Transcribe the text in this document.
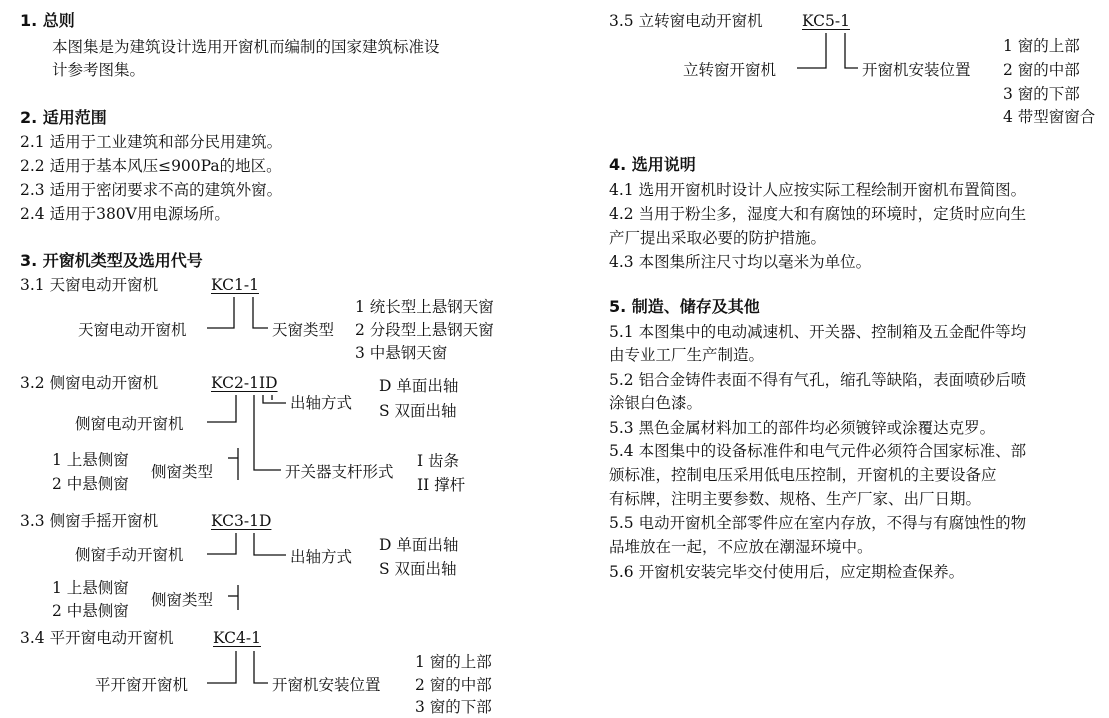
1. 总则
本图集是为建筑设计选用开窗机而编制的国家建筑标准设
计参考图集。
2. 适用范围
2.1 适用于工业建筑和部分民用建筑。
2.2 适用于基本风压≤900Pa的地区。
2.3 适用于密闭要求不高的建筑外窗。
2.4 适用于380V用电源场所。
3. 开窗机类型及选用代号
3.1 天窗电动开窗机	KC1-1
1 统长型上悬钢天窗
天窗电动开窗机	天窗类型 2 分段型上悬钢天窗
3 中悬钢天窗
3.2 侧窗电动开窗机	KC2-1ID	D 单面出轴
出轴方式 S 双面出轴
侧窗电动开窗机
1 上悬侧窗
侧窗类型	开关器支杆形式
I 齿条
II 撑杆
2 中悬侧窗
3.3 侧窗手摇开窗机	KC3-1D
D 单面出轴
侧窗手动开窗机	出轴方式
S 双面出轴
1 上悬侧窗
侧窗类型
2 中悬侧窗
3.4 平开窗电动开窗机	KC4-1
1 窗的上部
平开窗开窗机	开窗机安装位置 2 窗的中部
3 窗的下部
3.5 立转窗电动开窗机	KC5-1
1 窗的上部
立转窗开窗机	开窗机安装位置 2 窗的中部
3 窗的下部
4 带型窗窗合
4. 选用说明
4.1 选用开窗机时设计人应按实际工程绘制开窗机布置简图。
4.2 当用于粉尘多，湿度大和有腐蚀的环境时，定货时应向生
产厂提出采取必要的防护措施。
4.3 本图集所注尺寸均以毫米为单位。
5. 制造、储存及其他
5.1 本图集中的电动减速机、开关器、控制箱及五金配件等均
由专业工厂生产制造。
5.2 铝合金铸件表面不得有气孔，缩孔等缺陷，表面喷砂后喷
涂银白色漆。
5.3 黑色金属材料加工的部件均必须镀锌或涂覆达克罗。
5.4 本图集中的设备标准件和电气元件必须符合国家标准、部
颁标准，控制电压采用低电压控制，开窗机的主要设备应
有标牌，注明主要参数、规格、生产厂家、出厂日期。
5.5 电动开窗机全部零件应在室内存放，不得与有腐蚀性的物
品堆放在一起，不应放在潮湿环境中。
5.6 开窗机安装完毕交付使用后，应定期检查保养。
